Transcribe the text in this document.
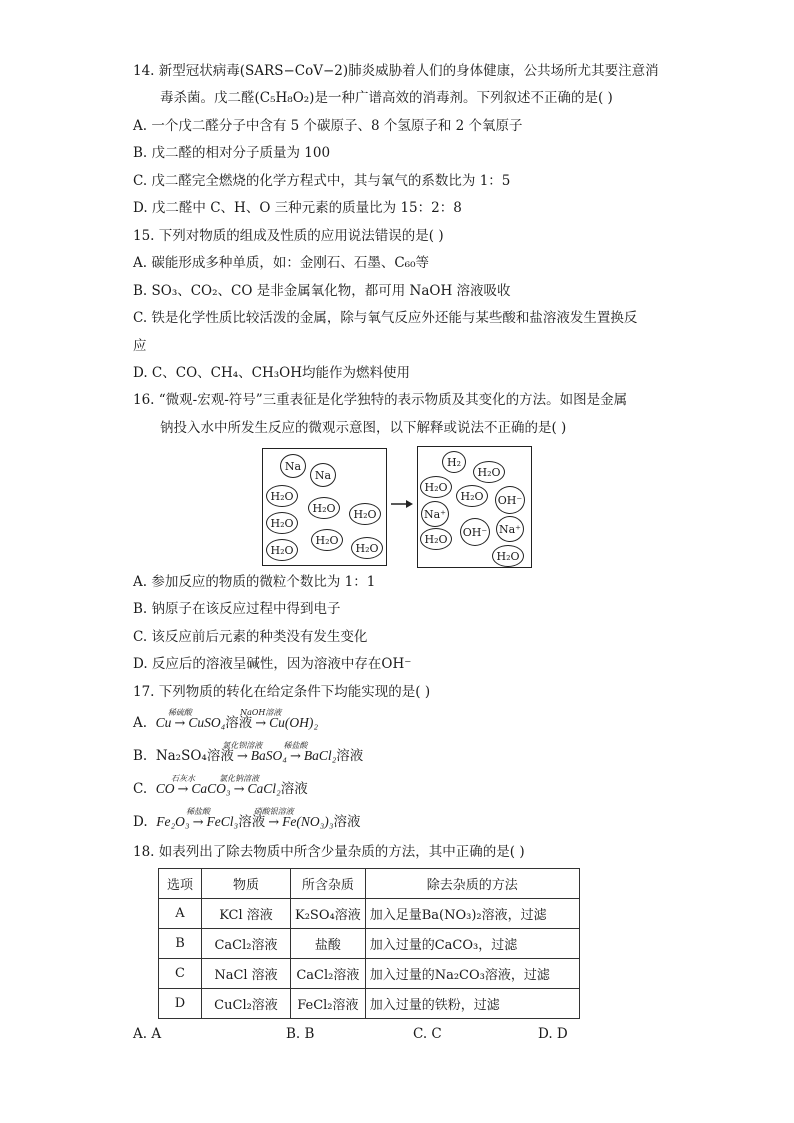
14. 新型冠状病毒(SARS−CoV−2)肺炎威胁着人们的身体健康，公共场所尤其要注意消
毒杀菌。戊二醛(C₅H₈O₂)是一种广谱高效的消毒剂。下列叙述不正确的是( )
A. 一个戊二醛分子中含有 5 个碳原子、8 个氢原子和 2 个氧原子
B. 戊二醛的相对分子质量为 100
C. 戊二醛完全燃烧的化学方程式中，其与氧气的系数比为 1：5
D. 戊二醛中 C、H、O 三种元素的质量比为 15：2：8
15. 下列对物质的组成及性质的应用说法错误的是( )
A. 碳能形成多种单质，如：金刚石、石墨、C₆₀等
B. SO₃、CO₂、CO 是非金属氧化物，都可用 NaOH 溶液吸收
C. 铁是化学性质比较活泼的金属，除与氧气反应外还能与某些酸和盐溶液发生置换反
应
D. C、CO、CH₄、CH₃OH均能作为燃料使用
16. “微观-宏观-符号”三重表征是化学独特的表示物质及其变化的方法。如图是金属
钠投入水中所发生反应的微观示意图，以下解释或说法不正确的是( )
Na
Na
H₂O
H₂O	H₂O
H₂O
H₂O
H₂O	H₂O
H₂
H₂O
H₂O
H₂O	OH⁻
Na⁺
OH⁻ Na⁺
H₂O
H₂O
A. 参加反应的物质的微粒个数比为 1：1
B. 钠原子在该反应过程中得到电子
C. 该反应前后元素的种类没有发生变化
D. 反应后的溶液呈碱性，因为溶液中存在OH⁻
17. 下列物质的转化在给定条件下均能实现的是( )
A. Cu
稀硫酸
→ CuSO₄溶液
NaOH溶液
→ Cu(OH)₂
B. Na₂SO₄溶液
氯化钡溶液
→ BaSO₄
稀盐酸
→ BaCl₂溶液
C. CO
石灰水
→ CaCO₃
氯化钠溶液
→ CaCl₂溶液
D. Fe₂O₃
稀盐酸
→ FeCl₃溶液
硝酸银溶液
→ Fe(NO₃)₃溶液
18. 如表列出了除去物质中所含少量杂质的方法，其中正确的是( )
选项	物质	所含杂质	除去杂质的方法
A	KCl 溶液	K₂SO₄溶液	加入足量Ba(NO₃)₂溶液，过滤
B	CaCl₂溶液	盐酸	加入过量的CaCO₃，过滤
C	NaCl 溶液	CaCl₂溶液	加入过量的Na₂CO₃溶液，过滤
D	CuCl₂溶液	FeCl₂溶液	加入过量的铁粉，过滤
A. A	B. B	C. C	D. D
